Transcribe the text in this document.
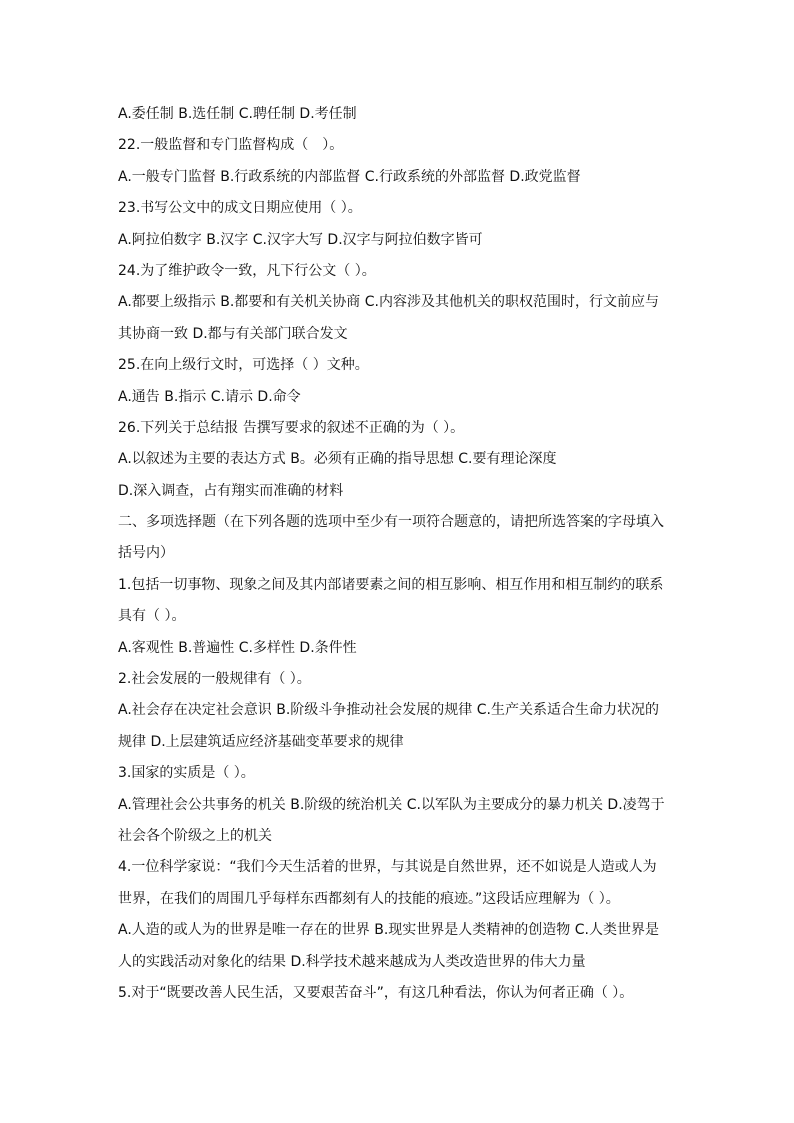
A.委任制 B.选任制 C.聘任制 D.考任制
22.一般监督和专门监督构成（　）。
A.一般专门监督 B.行政系统的内部监督 C.行政系统的外部监督 D.政党监督
23.书写公文中的成文日期应使用（ ）。
A.阿拉伯数字 B.汉字 C.汉字大写 D.汉字与阿拉伯数字皆可
24.为了维护政令一致，凡下行公文（ ）。
A.都要上级指示 B.都要和有关机关协商 C.内容涉及其他机关的职权范围时，行文前应与
其协商一致 D.都与有关部门联合发文
25.在向上级行文时，可选择（ ）文种。
A.通告 B.指示 C.请示 D.命令
26.下列关于总结报 告撰写要求的叙述不正确的为（ ）。
A.以叙述为主要的表达方式 B。必须有正确的指导思想 C.要有理论深度
D.深入调查，占有翔实而准确的材料
二、多项选择题（在下列各题的选项中至少有一项符合题意的，请把所选答案的字母填入
括号内）
1.包括一切事物、现象之间及其内部诸要素之间的相互影响、相互作用和相互制约的联系
具有（ ）。
A.客观性 B.普遍性 C.多样性 D.条件性
2.社会发展的一般规律有（ ）。
A.社会存在决定社会意识 B.阶级斗争推动社会发展的规律 C.生产关系适合生命力状况的
规律 D.上层建筑适应经济基础变革要求的规律
3.国家的实质是（ ）。
A.管理社会公共事务的机关 B.阶级的统治机关 C.以军队为主要成分的暴力机关 D.凌驾于
社会各个阶级之上的机关
4.一位科学家说：“我们今天生活着的世界，与其说是自然世界，还不如说是人造或人为
世界，在我们的周围几乎每样东西都刻有人的技能的痕迹。”这段话应理解为（ ）。
A.人造的或人为的世界是唯一存在的世界 B.现实世界是人类精神的创造物 C.人类世界是
人的实践活动对象化的结果 D.科学技术越来越成为人类改造世界的伟大力量
5.对于“既要改善人民生活，又要艰苦奋斗”，有这几种看法，你认为何者正确（ ）。
